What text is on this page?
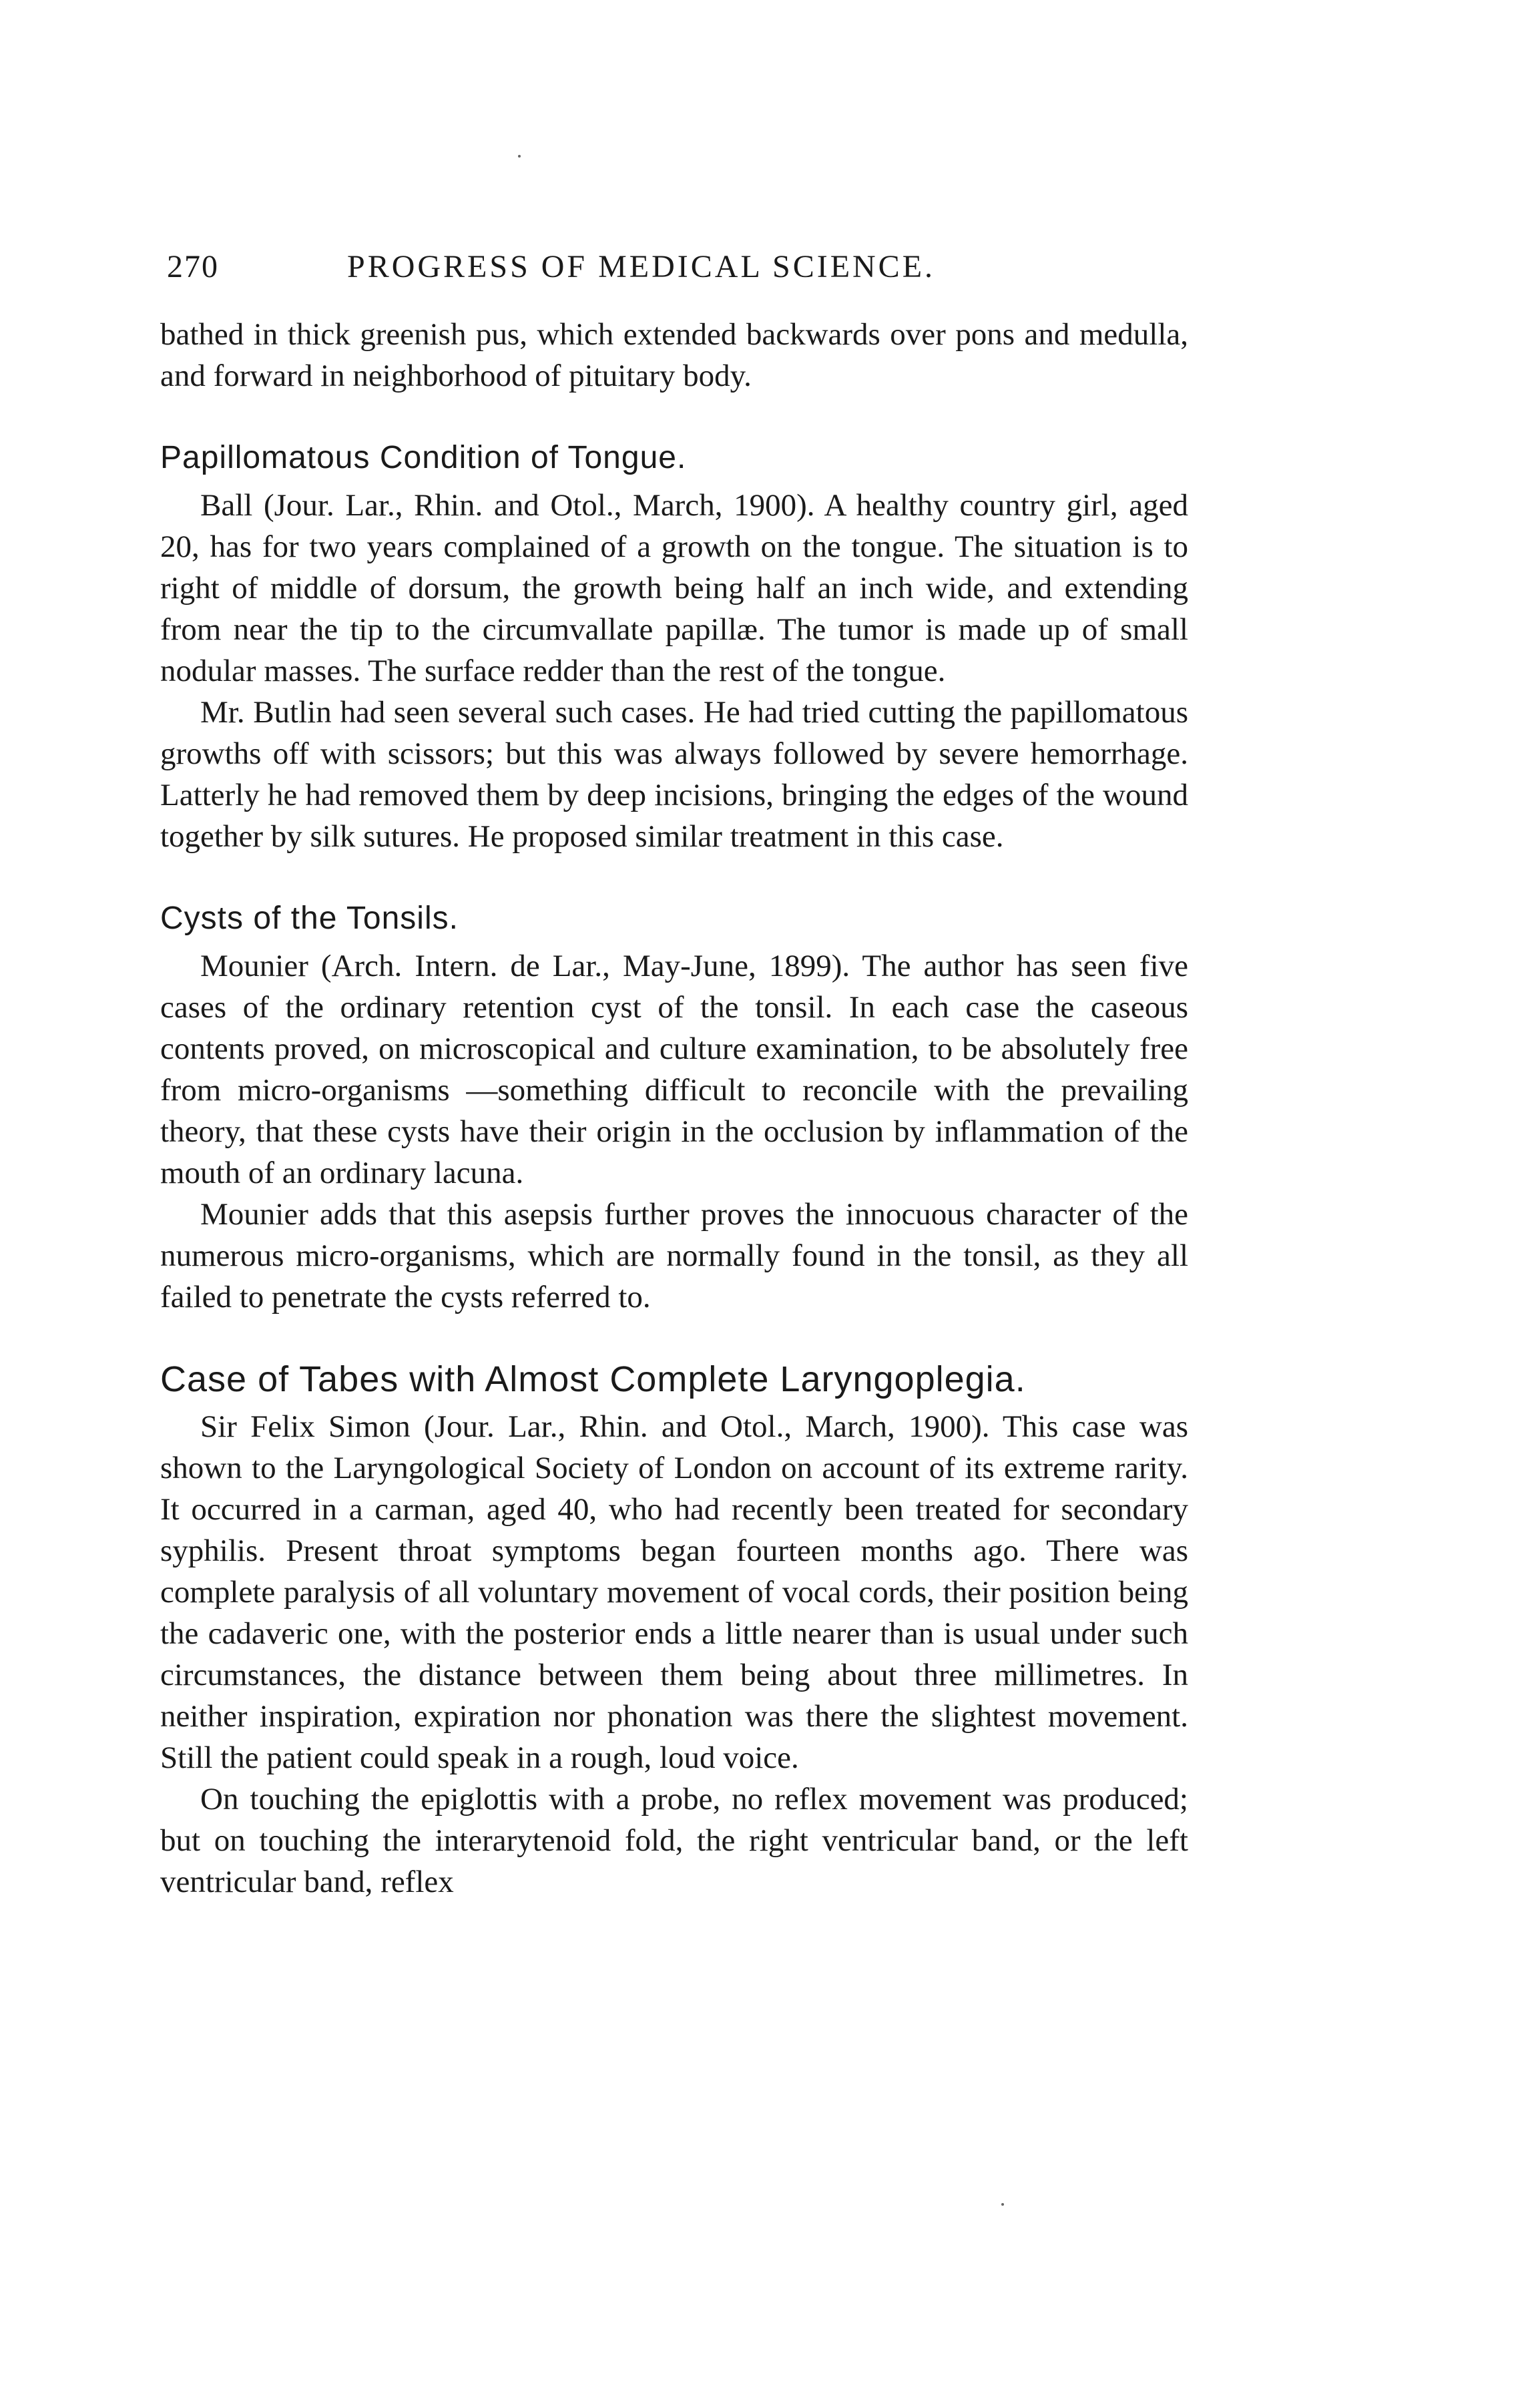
270	PROGRESS OF MEDICAL SCIENCE.

bathed in thick greenish pus, which extended backwards over pons and medulla, and forward in neighborhood of pituitary body.

Papillomatous Condition of Tongue.

Ball (Jour. Lar., Rhin. and Otol., March, 1900). A healthy country girl, aged 20, has for two years complained of a growth on the tongue. The situation is to right of middle of dorsum, the growth being half an inch wide, and extending from near the tip to the circumvallate papillæ. The tumor is made up of small nodular masses. The surface redder than the rest of the tongue.

Mr. Butlin had seen several such cases. He had tried cutting the papillomatous growths off with scissors; but this was always followed by severe hemorrhage. Latterly he had removed them by deep incisions, bringing the edges of the wound together by silk sutures. He proposed similar treatment in this case.

Cysts of the Tonsils.

Mounier (Arch. Intern. de Lar., May-June, 1899). The author has seen five cases of the ordinary retention cyst of the tonsil. In each case the caseous contents proved, on microscopical and culture examination, to be absolutely free from micro-organisms —something difficult to reconcile with the prevailing theory, that these cysts have their origin in the occlusion by inflammation of the mouth of an ordinary lacuna.

Mounier adds that this asepsis further proves the innocuous character of the numerous micro-organisms, which are normally found in the tonsil, as they all failed to penetrate the cysts referred to.

Case of Tabes with Almost Complete Laryngoplegia.

Sir Felix Simon (Jour. Lar., Rhin. and Otol., March, 1900). This case was shown to the Laryngological Society of London on account of its extreme rarity. It occurred in a carman, aged 40, who had recently been treated for secondary syphilis. Present throat symptoms began fourteen months ago. There was complete paralysis of all voluntary movement of vocal cords, their position being the cadaveric one, with the posterior ends a little nearer than is usual under such circumstances, the distance between them being about three millimetres. In neither inspiration, expiration nor phonation was there the slightest movement. Still the patient could speak in a rough, loud voice.

On touching the epiglottis with a probe, no reflex movement was produced; but on touching the interarytenoid fold, the right ventricular band, or the left ventricular band, reflex
